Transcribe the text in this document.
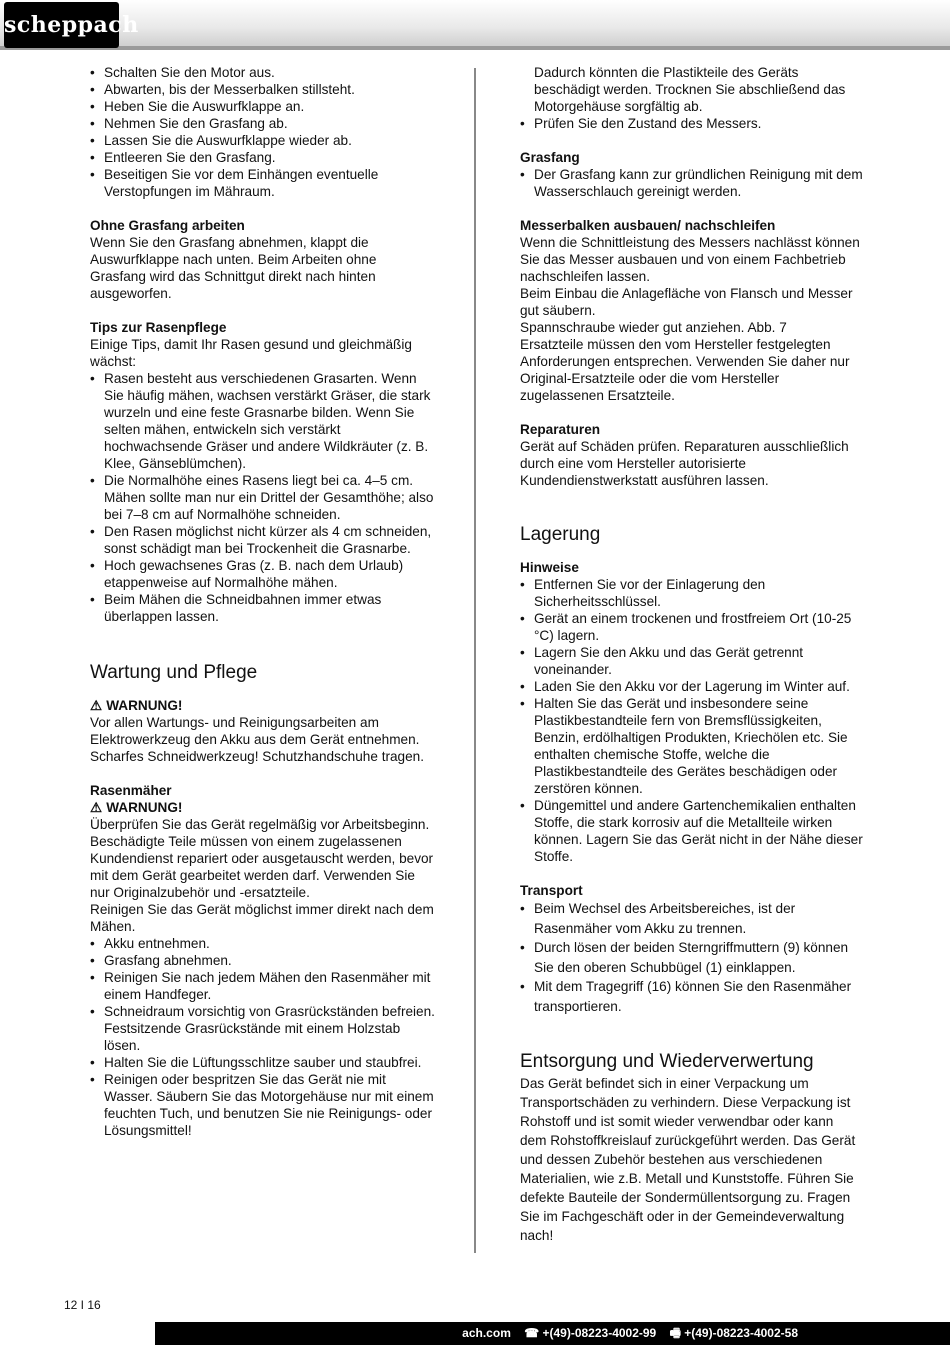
scheppach
• Schalten Sie den Motor aus.
• Abwarten, bis der Messerbalken stillsteht.
• Heben Sie die Auswurfklappe an.
• Nehmen Sie den Grasfang ab.
• Lassen Sie die Auswurfklappe wieder ab.
• Entleeren Sie den Grasfang.
• Beseitigen Sie vor dem Einhängen eventuelle Verstopfungen im Mähraum.

Ohne Grasfang arbeiten

Wenn Sie den Grasfang abnehmen, klappt die Auswurfklappe nach unten. Beim Arbeiten ohne Grasfang wird das Schnittgut direkt nach hinten ausgeworfen.

Tips zur Rasenpflege

Einige Tips, damit Ihr Rasen gesund und gleichmäßig wächst:

• Rasen besteht aus verschiedenen Grasarten. Wenn Sie häufig mähen, wachsen verstärkt Gräser, die stark wurzeln und eine feste Grasnarbe bilden. Wenn Sie selten mähen, entwickeln sich verstärkt hochwachsende Gräser und andere Wildkräuter (z. B. Klee, Gänseblümchen).
• Die Normalhöhe eines Rasens liegt bei ca. 4–5 cm. Mähen sollte man nur ein Drittel der Gesamthöhe; also bei 7–8 cm auf Normalhöhe schneiden.
• Den Rasen möglichst nicht kürzer als 4 cm schneiden, sonst schädigt man bei Trockenheit die Grasnarbe.
• Hoch gewachsenes Gras (z. B. nach dem Urlaub) etappenweise auf Normalhöhe mähen.
• Beim Mähen die Schneidbahnen immer etwas überlappen lassen.
Wartung und Pflege

⚠ WARNUNG!

Vor allen Wartungs- und Reinigungsarbeiten am Elektrowerkzeug den Akku aus dem Gerät entnehmen. Scharfes Schneidwerkzeug! Schutzhandschuhe tragen.

Rasenmäher

⚠ WARNUNG!

Überprüfen Sie das Gerät regelmäßig vor Arbeitsbeginn. Beschädigte Teile müssen von einem zugelassenen Kundendienst repariert oder ausgetauscht werden, bevor mit dem Gerät gearbeitet werden darf. Verwenden Sie nur Originalzubehör und -ersatzteile.

Reinigen Sie das Gerät möglichst immer direkt nach dem Mähen.

• Akku entnehmen.
• Grasfang abnehmen.
• Reinigen Sie nach jedem Mähen den Rasenmäher mit einem Handfeger.
• Schneidraum vorsichtig von Grasrückständen befreien. Festsitzende Grasrückstände mit einem Holzstab lösen.
• Halten Sie die Lüftungsschlitze sauber und staubfrei.
• Reinigen oder bespritzen Sie das Gerät nie mit Wasser. Säubern Sie das Motorgehäuse nur mit einem feuchten Tuch, und benutzen Sie nie Reinigungs- oder Lösungsmittel!

Dadurch könnten die Plastikteile des Geräts beschädigt werden. Trocknen Sie abschließend das Motorgehäuse sorgfältig ab.

• Prüfen Sie den Zustand des Messers.

Grasfang

• Der Grasfang kann zur gründlichen Reinigung mit dem Wasserschlauch gereinigt werden.

Messerbalken ausbauen/ nachschleifen

Wenn die Schnittleistung des Messers nachlässt können Sie das Messer ausbauen und von einem Fachbetrieb nachschleifen lassen.

Beim Einbau die Anlagefläche von Flansch und Messer gut säubern.

Spannschraube wieder gut anziehen. Abb. 7

Ersatzteile müssen den vom Hersteller festgelegten Anforderungen entsprechen. Verwenden Sie daher nur Original-Ersatzteile oder die vom Hersteller zugelassenen Ersatzteile.

Reparaturen

Gerät auf Schäden prüfen. Reparaturen ausschließlich durch eine vom Hersteller autorisierte Kundendienstwerkstatt ausführen lassen.

Lagerung

Hinweise

• Entfernen Sie vor der Einlagerung den Sicherheitsschlüssel.
• Gerät an einem trockenen und frostfreiem Ort (10-25 °C) lagern.
• Lagern Sie den Akku und das Gerät getrennt voneinander.
• Laden Sie den Akku vor der Lagerung im Winter auf.
• Halten Sie das Gerät und insbesondere seine Plastikbestandteile fern von Bremsflüssigkeiten, Benzin, erdölhaltigen Produkten, Kriechölen etc. Sie enthalten chemische Stoffe, welche die Plastikbestandteile des Gerätes beschädigen oder zerstören können.
• Düngemittel und andere Gartenchemikalien enthalten Stoffe, die stark korrosiv auf die Metallteile wirken können. Lagern Sie das Gerät nicht in der Nähe dieser Stoffe.

Transport

• Beim Wechsel des Arbeitsbereiches, ist der Rasenmäher vom Akku zu trennen.
• Durch lösen der beiden Sterngriffmuttern (9) können Sie den oberen Schubbügel (1) einklappen.
• Mit dem Tragegriff (16) können Sie den Rasenmäher transportieren.
Entsorgung und Wiederverwertung

Das Gerät befindet sich in einer Verpackung um Transportschäden zu verhindern. Diese Verpackung ist Rohstoff und ist somit wieder verwendbar oder kann dem Rohstoffkreislauf zurückgeführt werden. Das Gerät und dessen Zubehör bestehen aus verschiedenen Materialien, wie z.B. Metall und Kunststoffe. Führen Sie defekte Bauteile der Sondermüllentsorgung zu. Fragen Sie im Fachgeschäft oder in der Gemeindeverwaltung nach!

12 I 16
ach.com ☎ +(49)-08223-4002-99 🖷 +(49)-08223-4002-58
